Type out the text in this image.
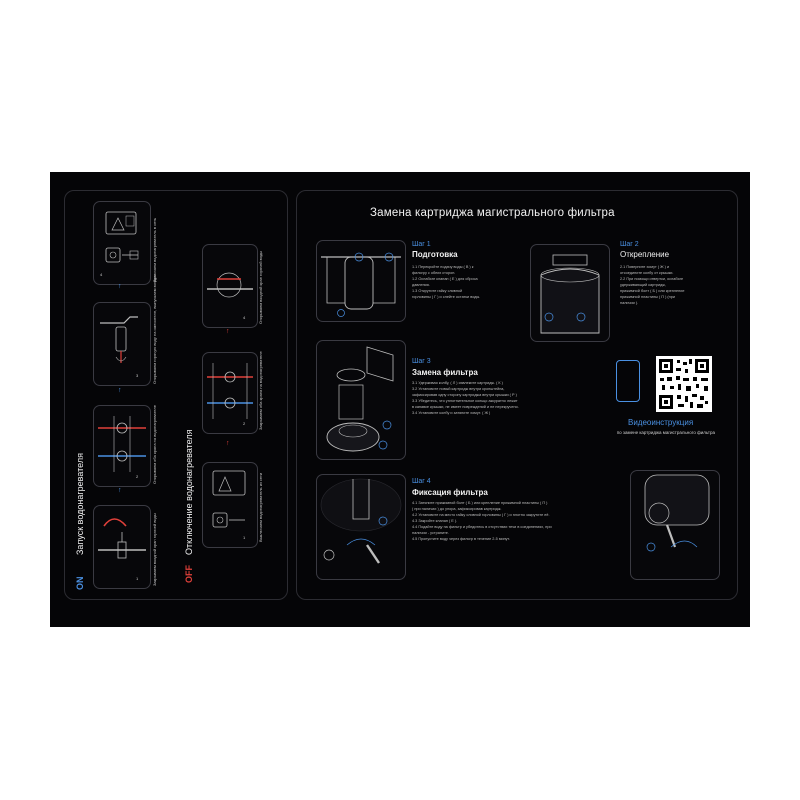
4	Включаем водонагреватель в сеть
↑
3	Открываем горячую воду на смесителе, выпускаем воздух
↑
2	Открываем оба крана на водонагревателе
↑
1	Закрываем входной кран горячей воды
ON
Запуск водонагревателя
4	Открываем входной кран горячей воды
↑
2	Закрываем оба крана на водонагревателе
↑
1	Выключаем водонагреватель из сети
OFF
Отключение водонагревателя
Замена картриджа магистрального фильтра
Шаг 1
Подготовка
1.1 Перекройте подачу воды ( В ) к
фильтру с обеих сторон.
1.2 Ослабьте клапан ( Е ) для сброса
давления.
1.3 Открутите гайку сливной
горловины ( Г ) и слейте остатки воды.
Шаг 2
Открепление
2.1 Поверните хомут ( Ж ) и
отсоедините колбу от крышки.
2.2 При помощи отвертки, ослабьте
удерживающий картридж,
прижимной болт ( Б ) или крепление
прижимной пластины ( П ) (при
наличии ).
Шаг 3
Замена фильтра
3.1 Удерживая колбу, ( Л ) извлеките картридж. ( К )
3.2 Установите новый картридж внутри кронштейна,
зафиксировав одну сторону картриджа внутри крышки ( Р )
3.3 Убедитесь, что уплотнительное кольцо аккуратно лежит
в канавке крышки, не имеет повреждений и не перекручено.
3.4 Установите колбу и затяните хомут. ( Ж )
Видеоинструкция
по замене картриджа магистрального фильтра
Шаг 4
Фиксация фильтра
4.1 Затяните прижимной болт ( Б ) или крепление прижимной пластины ( П )
( при наличии ) до упора, зафиксировав картридж.
4.2 Установите на место гайку сливной горловины ( Г ) и плотно закрутите её.
4.3 Закройте клапан ( Е ).
4.4 Подайте воду на фильтр и убедитесь в отсутствии течи в соединениях, при
наличии - устраните.
4.5 Пропустите воду через фильтр в течение 2-5 минут.
